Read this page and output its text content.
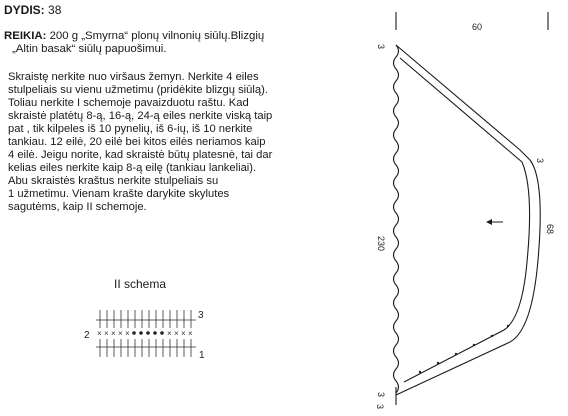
DYDIS: 38
REIKIA: 200 g „Smyrna“ plonų vilnonių siūlų.Blizgių
„Altin basak“ siūlų papuošimui.
Skraistę nerkite nuo viršaus žemyn. Nerkite 4 eiles
stulpeliais su vienu užmetimu (pridėkite blizgų siūlą).
Toliau nerkite I schemoje pavaizduotu raštu. Kad
skraistė platėtų 8-ą, 16-ą, 24-ą eiles nerkite viską taip
pat , tik kilpeles iš 10 pynelių, iš 6-ių, iš 10 nerkite
tankiau. 12 eilė, 20 eilė bei kitos eilės neriamos kaip
4 eilė. Jeigu norite, kad skraistė būtų platesnė, tai dar
kelias eiles nerkite kaip 8-ą eilę (tankiau lankeliai).
Abu skraistės kraštus nerkite stulpeliais su
1 užmetimu. Vienam krašte darykite skylutes
sagutėms, kaip II schemoje.
II schema
× × × × ×	× × × ×
3
2
1
60
230
68
3
3
3
3
